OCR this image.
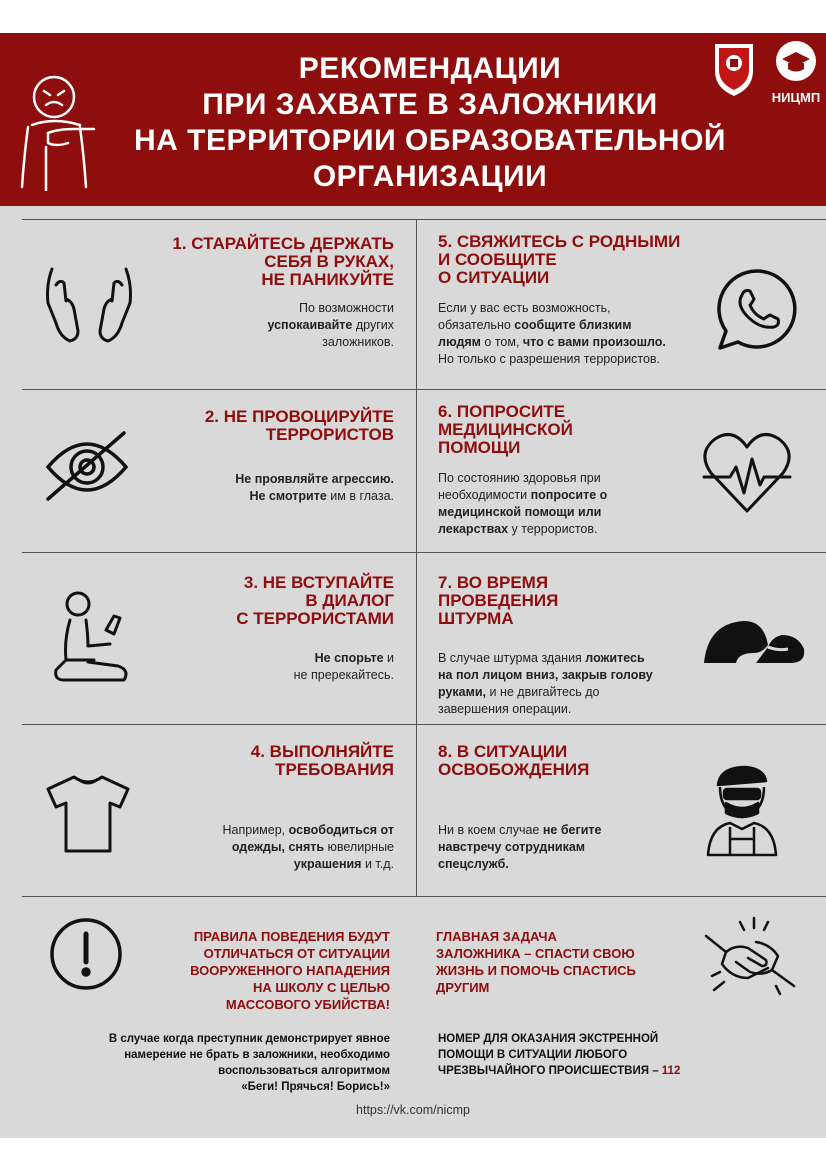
РЕКОМЕНДАЦИИ
ПРИ ЗАХВАТЕ В ЗАЛОЖНИКИ
НА ТЕРРИТОРИИ ОБРАЗОВАТЕЛЬНОЙ
ОРГАНИЗАЦИИ
НИЦМП
1. СТАРАЙТЕСЬ ДЕРЖАТЬ
СЕБЯ В РУКАХ,
НЕ ПАНИКУЙТЕ
По возможности
успокаивайте других
заложников.
5. СВЯЖИТЕСЬ С РОДНЫМИ
И СООБЩИТЕ
О СИТУАЦИИ
Если у вас есть возможность,
обязательно сообщите близким
людям о том, что с вами произошло.
Но только с разрешения террористов.
2. НЕ ПРОВОЦИРУЙТЕ
ТЕРРОРИСТОВ
Не проявляйте агрессию.
Не смотрите им в глаза.
6. ПОПРОСИТЕ
МЕДИЦИНСКОЙ
ПОМОЩИ
По состоянию здоровья при
необходимости попросите о
медицинской помощи или
лекарствах у террористов.
3. НЕ ВСТУПАЙТЕ
В ДИАЛОГ
С ТЕРРОРИСТАМИ
Не спорьте и
не пререкайтесь.
7. ВО ВРЕМЯ
ПРОВЕДЕНИЯ
ШТУРМА
В случае штурма здания ложитесь
на пол лицом вниз, закрыв голову
руками, и не двигайтесь до
завершения операции.
4. ВЫПОЛНЯЙТЕ
ТРЕБОВАНИЯ
Например, освободиться от
одежды, снять ювелирные
украшения и т.д.
8. В СИТУАЦИИ
ОСВОБОЖДЕНИЯ
Ни в коем случае не бегите
навстречу сотрудникам
спецслужб.
ПРАВИЛА ПОВЕДЕНИЯ БУДУТ
ОТЛИЧАТЬСЯ ОТ СИТУАЦИИ
ВООРУЖЕННОГО НАПАДЕНИЯ
НА ШКОЛУ С ЦЕЛЬЮ
МАССОВОГО УБИЙСТВА!
ГЛАВНАЯ ЗАДАЧА
ЗАЛОЖНИКА – СПАСТИ СВОЮ
ЖИЗНЬ И ПОМОЧЬ СПАСТИСЬ
ДРУГИМ
В случае когда преступник демонстрирует явное
намерение не брать в заложники, необходимо
воспользоваться алгоритмом
«Беги! Прячься! Борись!»
НОМЕР ДЛЯ ОКАЗАНИЯ ЭКСТРЕННОЙ
ПОМОЩИ В СИТУАЦИИ ЛЮБОГО
ЧРЕЗВЫЧАЙНОГО ПРОИСШЕСТВИЯ – 112
https://vk.com/nicmp
